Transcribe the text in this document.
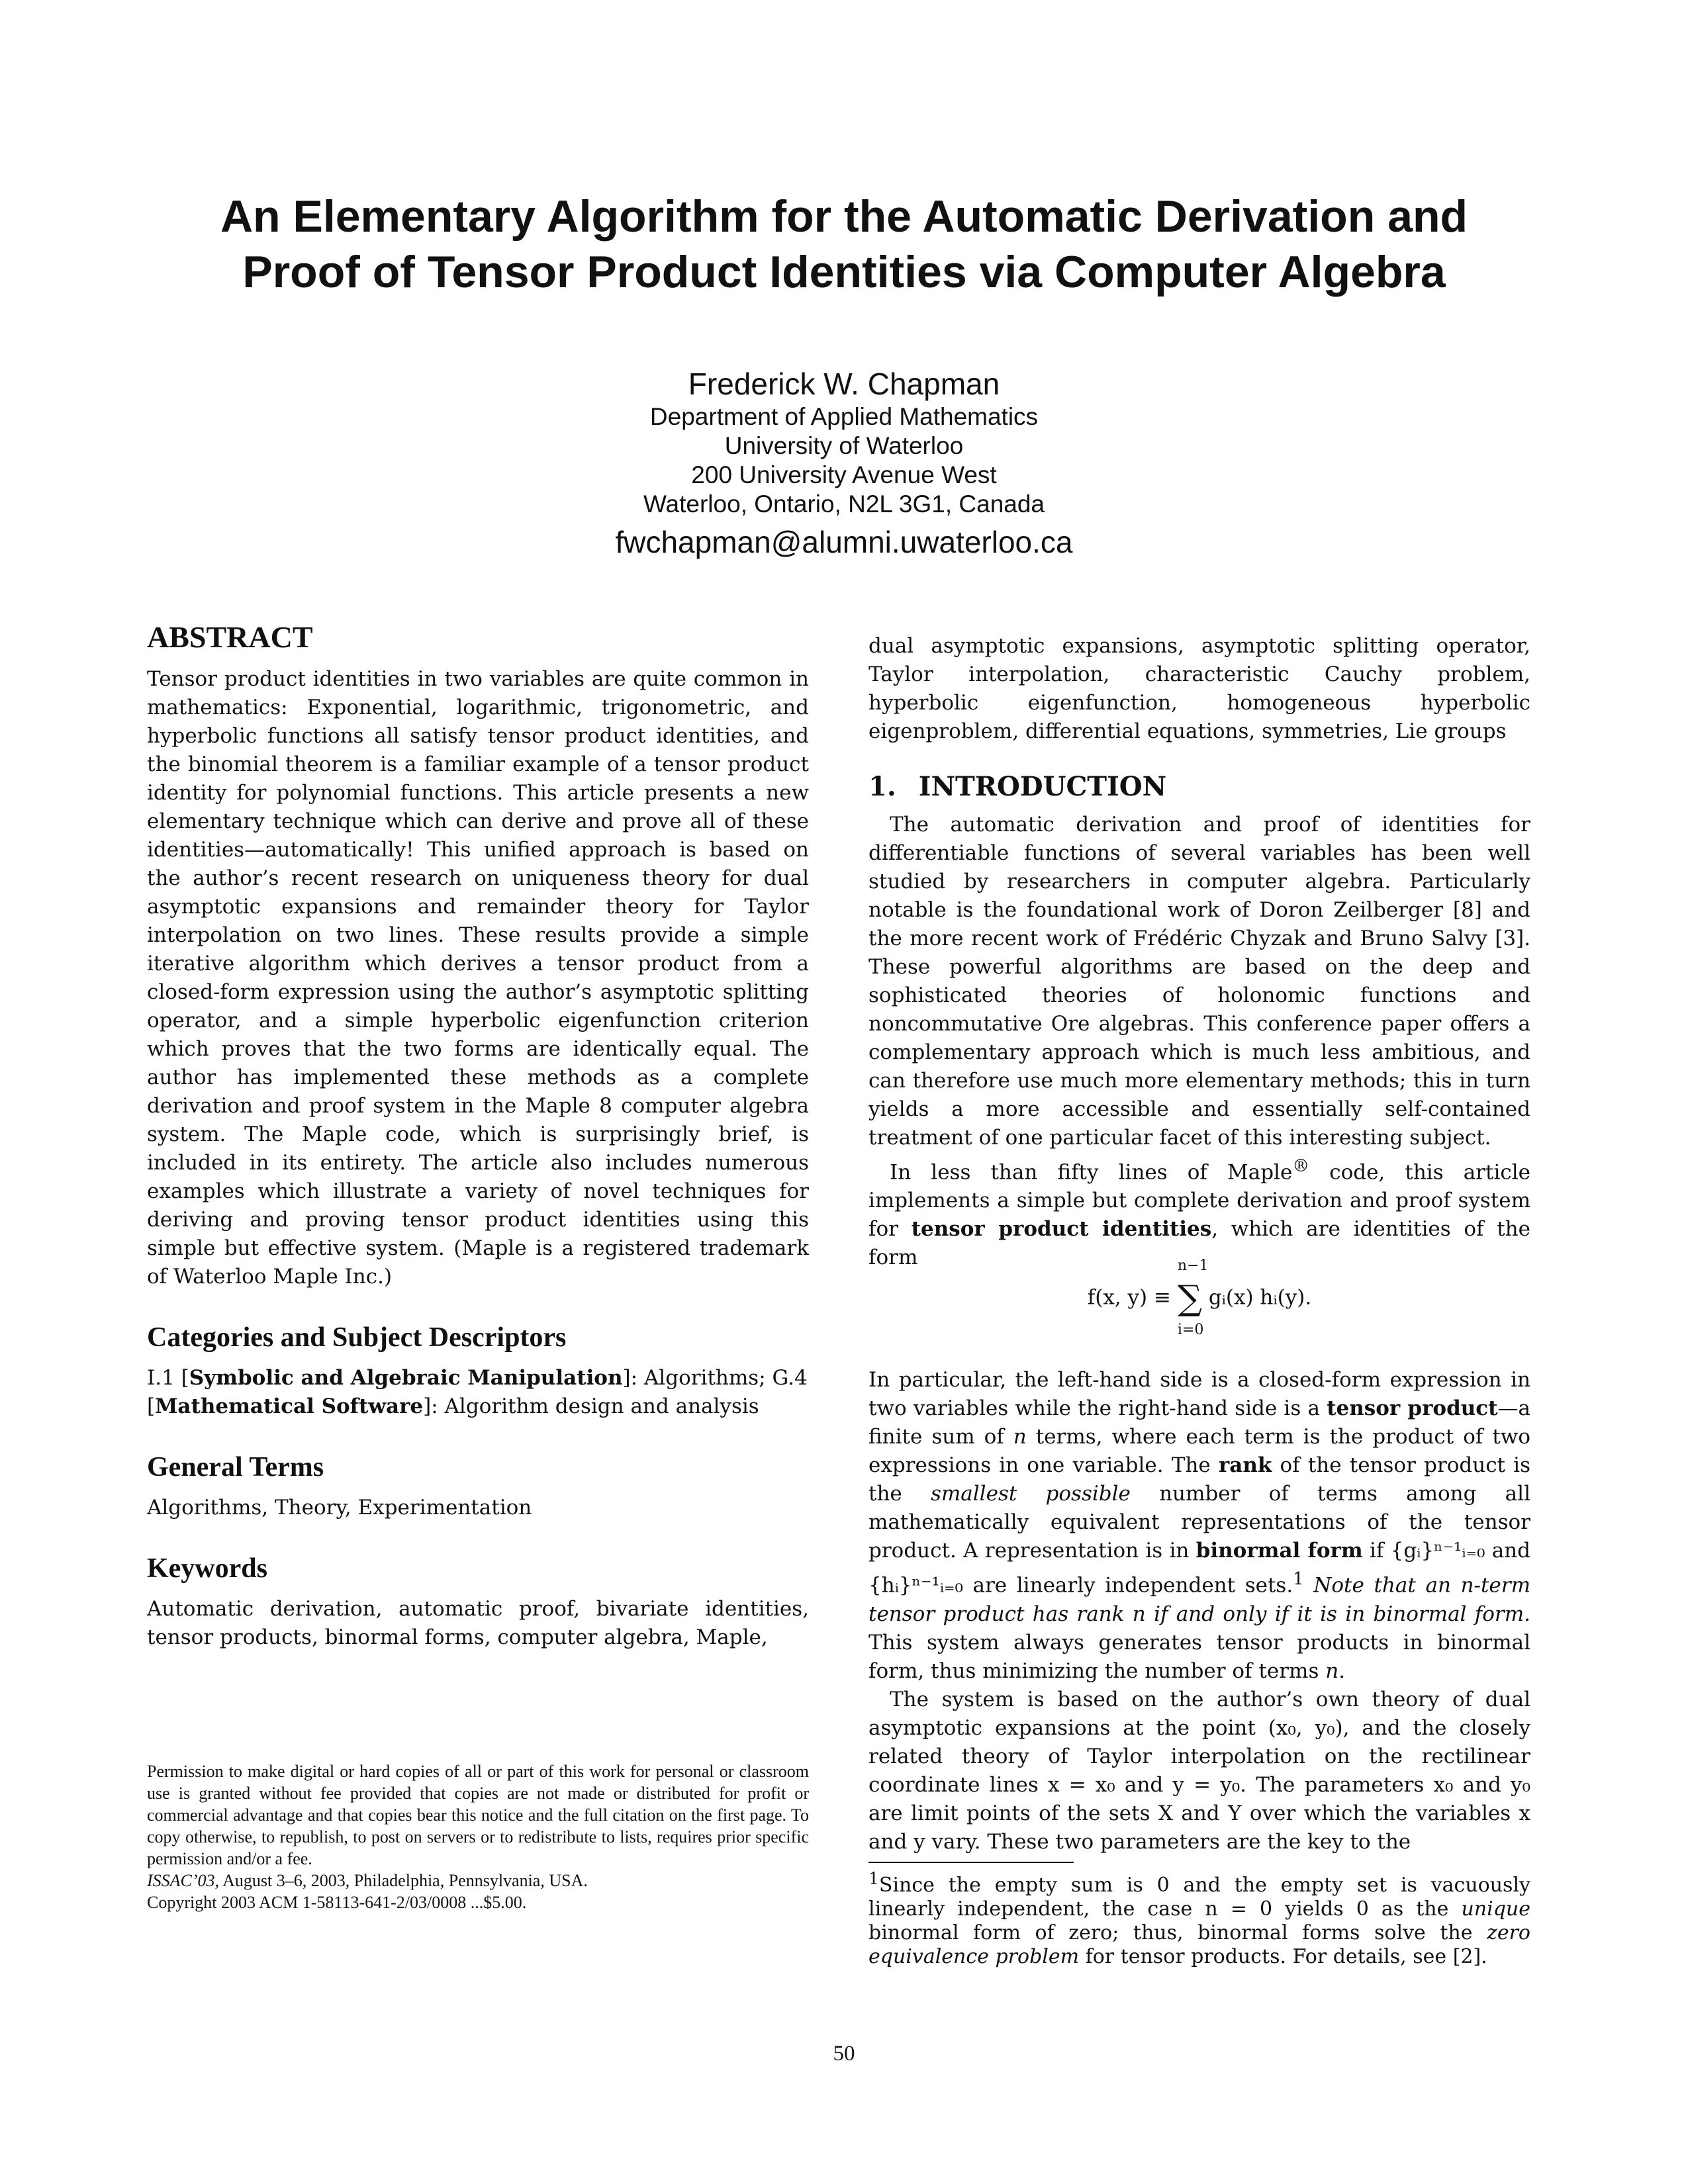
An Elementary Algorithm for the Automatic Derivation and
Proof of Tensor Product Identities via Computer Algebra
Frederick W. Chapman
Department of Applied Mathematics
University of Waterloo
200 University Avenue West
Waterloo, Ontario, N2L 3G1, Canada
fwchapman@alumni.uwaterloo.ca
ABSTRACT

Tensor product identities in two variables are quite common in mathematics: Exponential, logarithmic, trigonometric, and hyperbolic functions all satisfy tensor product identities, and the binomial theorem is a familiar example of a tensor product identity for polynomial functions. This article presents a new elementary technique which can derive and prove all of these identities—automatically! This unified approach is based on the author’s recent research on uniqueness theory for dual asymptotic expansions and remainder theory for Taylor interpolation on two lines. These results provide a simple iterative algorithm which derives a tensor product from a closed-form expression using the author’s asymptotic splitting operator, and a simple hyperbolic eigenfunction criterion which proves that the two forms are identically equal. The author has implemented these methods as a complete derivation and proof system in the Maple 8 computer algebra system. The Maple code, which is surprisingly brief, is included in its entirety. The article also includes numerous examples which illustrate a variety of novel techniques for deriving and proving tensor product identities using this simple but effective system. (Maple is a registered trademark of Waterloo Maple Inc.)

Categories and Subject Descriptors

I.1 [Symbolic and Algebraic Manipulation]: Algorithms; G.4 [Mathematical Software]: Algorithm design and analysis

General Terms

Algorithms, Theory, Experimentation

Keywords

Automatic derivation, automatic proof, bivariate identities, tensor products, binormal forms, computer algebra, Maple,

Permission to make digital or hard copies of all or part of this work for personal or classroom use is granted without fee provided that copies are not made or distributed for profit or commercial advantage and that copies bear this notice and the full citation on the first page. To copy otherwise, to republish, to post on servers or to redistribute to lists, requires prior specific permission and/or a fee.

ISSAC’03, August 3–6, 2003, Philadelphia, Pennsylvania, USA.

Copyright 2003 ACM 1-58113-641-2/03/0008 ...$5.00.

dual asymptotic expansions, asymptotic splitting operator, Taylor interpolation, characteristic Cauchy problem, hyperbolic eigenfunction, homogeneous hyperbolic eigenproblem, differential equations, symmetries, Lie groups

1. INTRODUCTION

The automatic derivation and proof of identities for differentiable functions of several variables has been well studied by researchers in computer algebra. Particularly notable is the foundational work of Doron Zeilberger [8] and the more recent work of Frédéric Chyzak and Bruno Salvy [3]. These powerful algorithms are based on the deep and sophisticated theories of holonomic functions and noncommutative Ore algebras. This conference paper offers a complementary approach which is much less ambitious, and can therefore use much more elementary methods; this in turn yields a more accessible and essentially self-contained treatment of one particular facet of this interesting subject.

In less than fifty lines of Maple® code, this article implements a simple but complete derivation and proof system for tensor product identities, which are identities of the form

f(x, y) ≡
n−1
∑
i=0
gᵢ(x) hᵢ(y).

In particular, the left-hand side is a closed-form expression in two variables while the right-hand side is a tensor product—a finite sum of n terms, where each term is the product of two expressions in one variable. The rank of the tensor product is the smallest possible number of terms among all mathematically equivalent representations of the tensor product. A representation is in binormal form if {gᵢ}ⁿ⁻¹ᵢ₌₀ and {hᵢ}ⁿ⁻¹ᵢ₌₀ are linearly independent sets.$^1$ Note that an n-term tensor product has rank n if and only if it is in binormal form. This system always generates tensor products in binormal form, thus minimizing the number of terms n.

The system is based on the author’s own theory of dual asymptotic expansions at the point (x₀, y₀), and the closely related theory of Taylor interpolation on the rectilinear coordinate lines x = x₀ and y = y₀. The parameters x₀ and y₀ are limit points of the sets X and Y over which the variables x and y vary. These two parameters are the key to the

$^1$Since the empty sum is 0 and the empty set is vacuously linearly independent, the case n = 0 yields 0 as the unique binormal form of zero; thus, binormal forms solve the zero equivalence problem for tensor products. For details, see [2].

50
